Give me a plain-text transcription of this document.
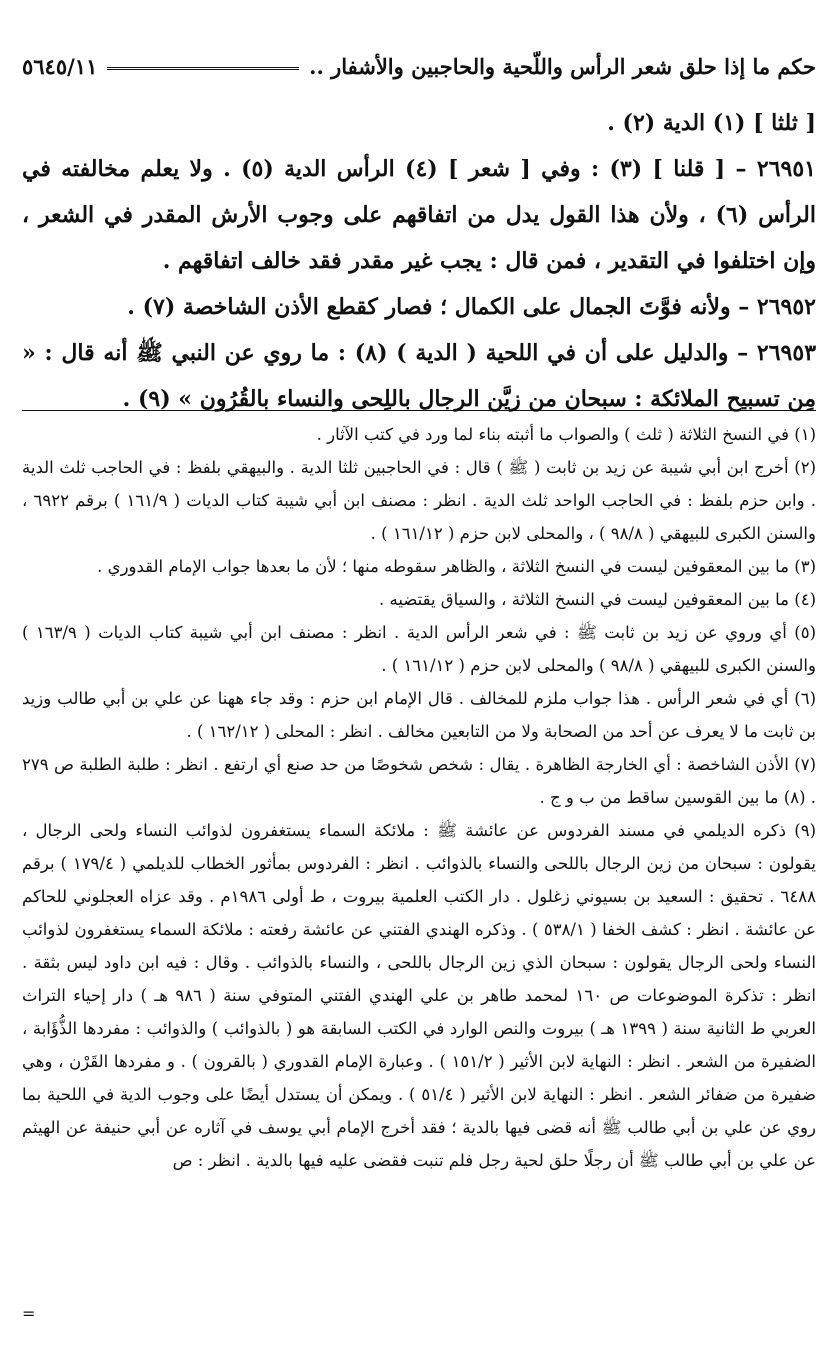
حكم ما إذا حلق شعر الرأس واللّحية والحاجبين والأشفار ..
٥٦٤٥/١١

[ ثلثا ] (١) الدية (٢) .

٢٦٩٥١ – [ قلنا ] (٣) : وفي [ شعر ] (٤) الرأس الدية (٥) . ولا يعلم مخالفته في الرأس (٦) ، ولأن هذا القول يدل من اتفاقهم على وجوب الأرش المقدر في الشعر ، وإن اختلفوا في التقدير ، فمن قال : يجب غير مقدر فقد خالف اتفاقهم .

٢٦٩٥٢ – ولأنه فوَّتَ الجمال على الكمال ؛ فصار كقطع الأذن الشاخصة (٧) .

٢٦٩٥٣ – والدليل على أن في اللحية ( الدية ) (٨) : ما روي عن النبي ﷺ أنه قال : « مِن تسبيح الملائكة : سبحان من زيَّن الرجال باللِحى والنساء بالقُرُون » (٩) .

(١) في النسخ الثلاثة ( ثلث ) والصواب ما أثبته بناء لما ورد في كتب الآثار .

(٢) أخرج ابن أبي شيبة عن زيد بن ثابت ( ﷺ ) قال : في الحاجبين ثلثا الدية . والبيهقي بلفظ : في الحاجب ثلث الدية . وابن حزم بلفظ : في الحاجب الواحد ثلث الدية . انظر : مصنف ابن أبي شيبة كتاب الديات ( ١٦١/٩ ) برقم ٦٩٢٢ ، والسنن الكبرى للبيهقي ( ٩٨/٨ ) ، والمحلى لابن حزم ( ١٦١/١٢ ) .

(٣) ما بين المعقوفين ليست في النسخ الثلاثة ، والظاهر سقوطه منها ؛ لأن ما بعدها جواب الإمام القدوري .

(٤) ما بين المعقوفين ليست في النسخ الثلاثة ، والسياق يقتضيه .

(٥) أي وروي عن زيد بن ثابت ﷺ : في شعر الرأس الدية . انظر : مصنف ابن أبي شيبة كتاب الديات ( ١٦٣/٩ ) والسنن الكبرى للبيهقي ( ٩٨/٨ ) والمحلى لابن حزم ( ١٦١/١٢ ) .

(٦) أي في شعر الرأس . هذا جواب ملزم للمخالف . قال الإمام ابن حزم : وقد جاء ههنا عن علي بن أبي طالب وزيد بن ثابت ما لا يعرف عن أحد من الصحابة ولا من التابعين مخالف . انظر : المحلى ( ١٦٢/١٢ ) .

(٧) الأذن الشاخصة : أي الخارجة الظاهرة . يقال : شخص شخوصًا من حد صنع أي ارتفع . انظر : طلبة الطلبة ص ٢٧٩ . (٨) ما بين القوسين ساقط من ب و ج .

(٩) ذكره الديلمي في مسند الفردوس عن عائشة ﷺ : ملائكة السماء يستغفرون لذوائب النساء ولحى الرجال ، يقولون : سبحان من زين الرجال باللحى والنساء بالذوائب . انظر : الفردوس بمأثور الخطاب للديلمي ( ١٧٩/٤ ) برقم ٦٤٨٨ . تحقيق : السعيد بن بسيوني زغلول . دار الكتب العلمية بيروت ، ط أولى ١٩٨٦م . وقد عزاه العجلوني للحاكم عن عائشة . انظر : كشف الخفا ( ٥٣٨/١ ) . وذكره الهندي الفتني عن عائشة رفعته : ملائكة السماء يستغفرون لذوائب النساء ولحى الرجال يقولون : سبحان الذي زين الرجال باللحى ، والنساء بالذوائب . وقال : فيه ابن داود ليس بثقة . انظر : تذكرة الموضوعات ص ١٦٠ لمحمد طاهر بن علي الهندي الفتني المتوفي سنة ( ٩٨٦ هـ ) دار إحياء التراث العربي ط الثانية سنة ( ١٣٩٩ هـ ) بيروت والنص الوارد في الكتب السابقة هو ( بالذوائب ) والذوائب : مفردها الذُّؤَابة ، الضفيرة من الشعر . انظر : النهاية لابن الأثير ( ١٥١/٢ ) . وعبارة الإمام القدوري ( بالقرون ) . و مفردها القَرْن ، وهي ضفيرة من ضفائر الشعر . انظر : النهاية لابن الأثير ( ٥١/٤ ) . ويمكن أن يستدل أيضًا على وجوب الدية في اللحية بما روي عن علي بن أبي طالب ﷺ أنه قضى فيها بالدية ؛ فقد أخرج الإمام أبي يوسف في آثاره عن أبي حنيفة عن الهيثم عن علي بن أبي طالب ﷺ أن رجلًا حلق لحية رجل فلم تنبت فقضى عليه فيها بالدية . انظر : ص

=
